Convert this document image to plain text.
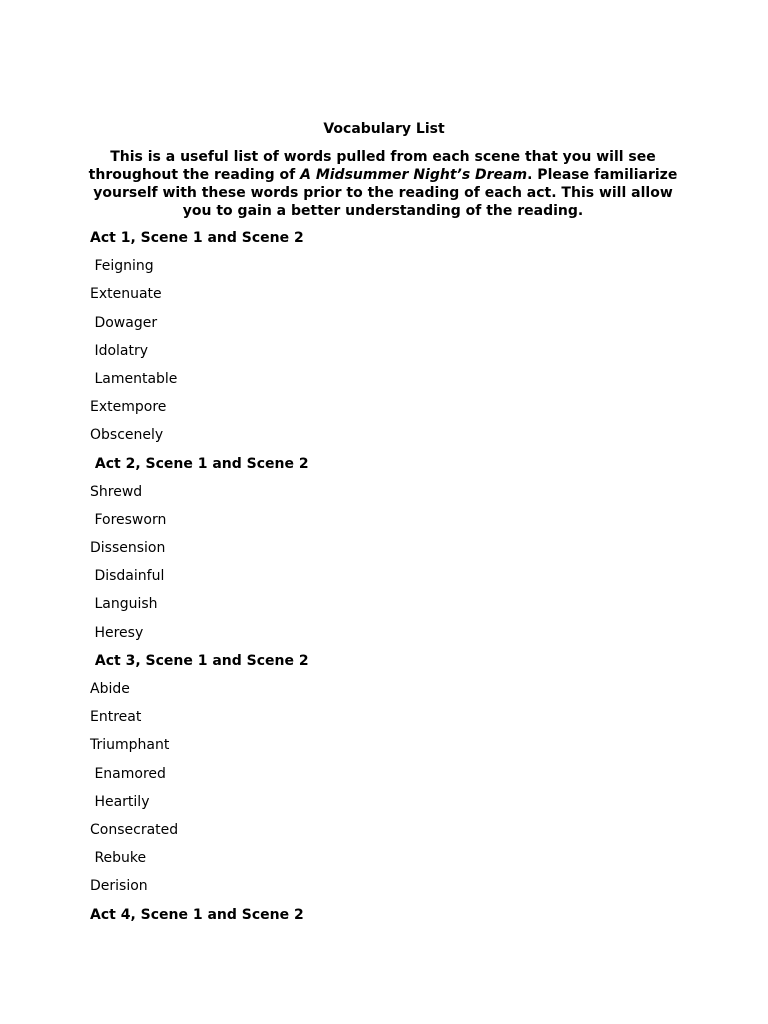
Vocabulary List

This is a useful list of words pulled from each scene that you will see throughout the reading of A Midsummer Night’s Dream. Please familiarize yourself with these words prior to the reading of each act. This will allow you to gain a better understanding of the reading.

Act 1, Scene 1 and Scene 2
Feigning
Extenuate
Dowager
Idolatry
Lamentable
Extempore
Obscenely
Act 2, Scene 1 and Scene 2
Shrewd
Foresworn
Dissension
Disdainful
Languish
Heresy
Act 3, Scene 1 and Scene 2
Abide
Entreat
Triumphant
Enamored
Heartily
Consecrated
Rebuke
Derision
Act 4, Scene 1 and Scene 2
